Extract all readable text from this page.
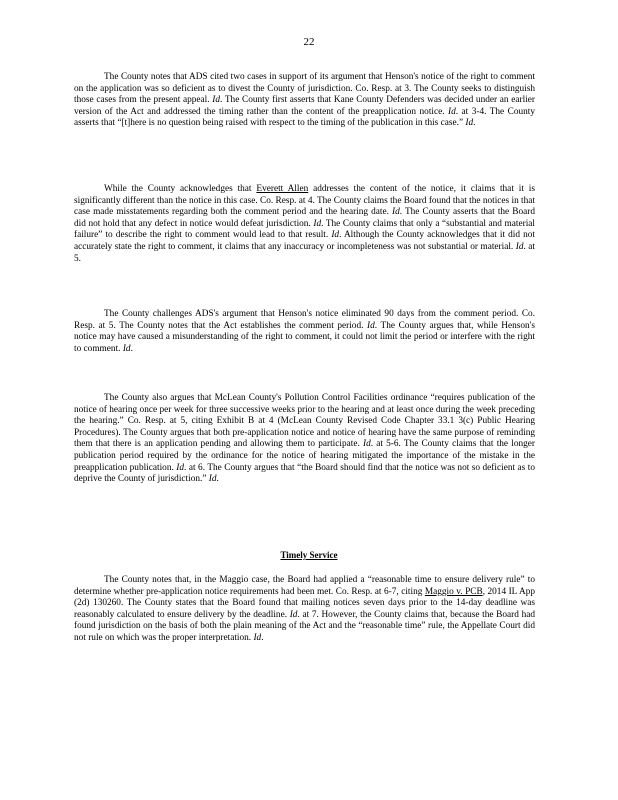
22

The County notes that ADS cited two cases in support of its argument that Henson's notice of the right to comment on the application was so deficient as to divest the County of jurisdiction. Co. Resp. at 3. The County seeks to distinguish those cases from the present appeal. Id. The County first asserts that Kane County Defenders was decided under an earlier version of the Act and addressed the timing rather than the content of the preapplication notice. Id. at 3-4. The County asserts that “[t]here is no question being raised with respect to the timing of the publication in this case.” Id.

While the County acknowledges that Everett Allen addresses the content of the notice, it claims that it is significantly different than the notice in this case. Co. Resp. at 4. The County claims the Board found that the notices in that case made misstatements regarding both the comment period and the hearing date. Id. The County asserts that the Board did not hold that any defect in notice would defeat jurisdiction. Id. The County claims that only a “substantial and material failure” to describe the right to comment would lead to that result. Id. Although the County acknowledges that it did not accurately state the right to comment, it claims that any inaccuracy or incompleteness was not substantial or material. Id. at 5.

The County challenges ADS's argument that Henson's notice eliminated 90 days from the comment period. Co. Resp. at 5. The County notes that the Act establishes the comment period. Id. The County argues that, while Henson's notice may have caused a misunderstanding of the right to comment, it could not limit the period or interfere with the right to comment. Id.

The County also argues that McLean County's Pollution Control Facilities ordinance “requires publication of the notice of hearing once per week for three successive weeks prior to the hearing and at least once during the week preceding the hearing.” Co. Resp. at 5, citing Exhibit B at 4 (McLean County Revised Code Chapter 33.1 3(c) Public Hearing Procedures). The County argues that both pre-application notice and notice of hearing have the same purpose of reminding them that there is an application pending and allowing them to participate. Id. at 5-6. The County claims that the longer publication period required by the ordinance for the notice of hearing mitigated the importance of the mistake in the preapplication publication. Id. at 6. The County argues that “the Board should find that the notice was not so deficient as to deprive the County of jurisdiction.” Id.

Timely Service

The County notes that, in the Maggio case, the Board had applied a “reasonable time to ensure delivery rule” to determine whether pre-application notice requirements had been met. Co. Resp. at 6-7, citing Maggio v. PCB, 2014 IL App (2d) 130260. The County states that the Board found that mailing notices seven days prior to the 14-day deadline was reasonably calculated to ensure delivery by the deadline. Id. at 7. However, the County claims that, because the Board had found jurisdiction on the basis of both the plain meaning of the Act and the “reasonable time” rule, the Appellate Court did not rule on which was the proper interpretation. Id.
